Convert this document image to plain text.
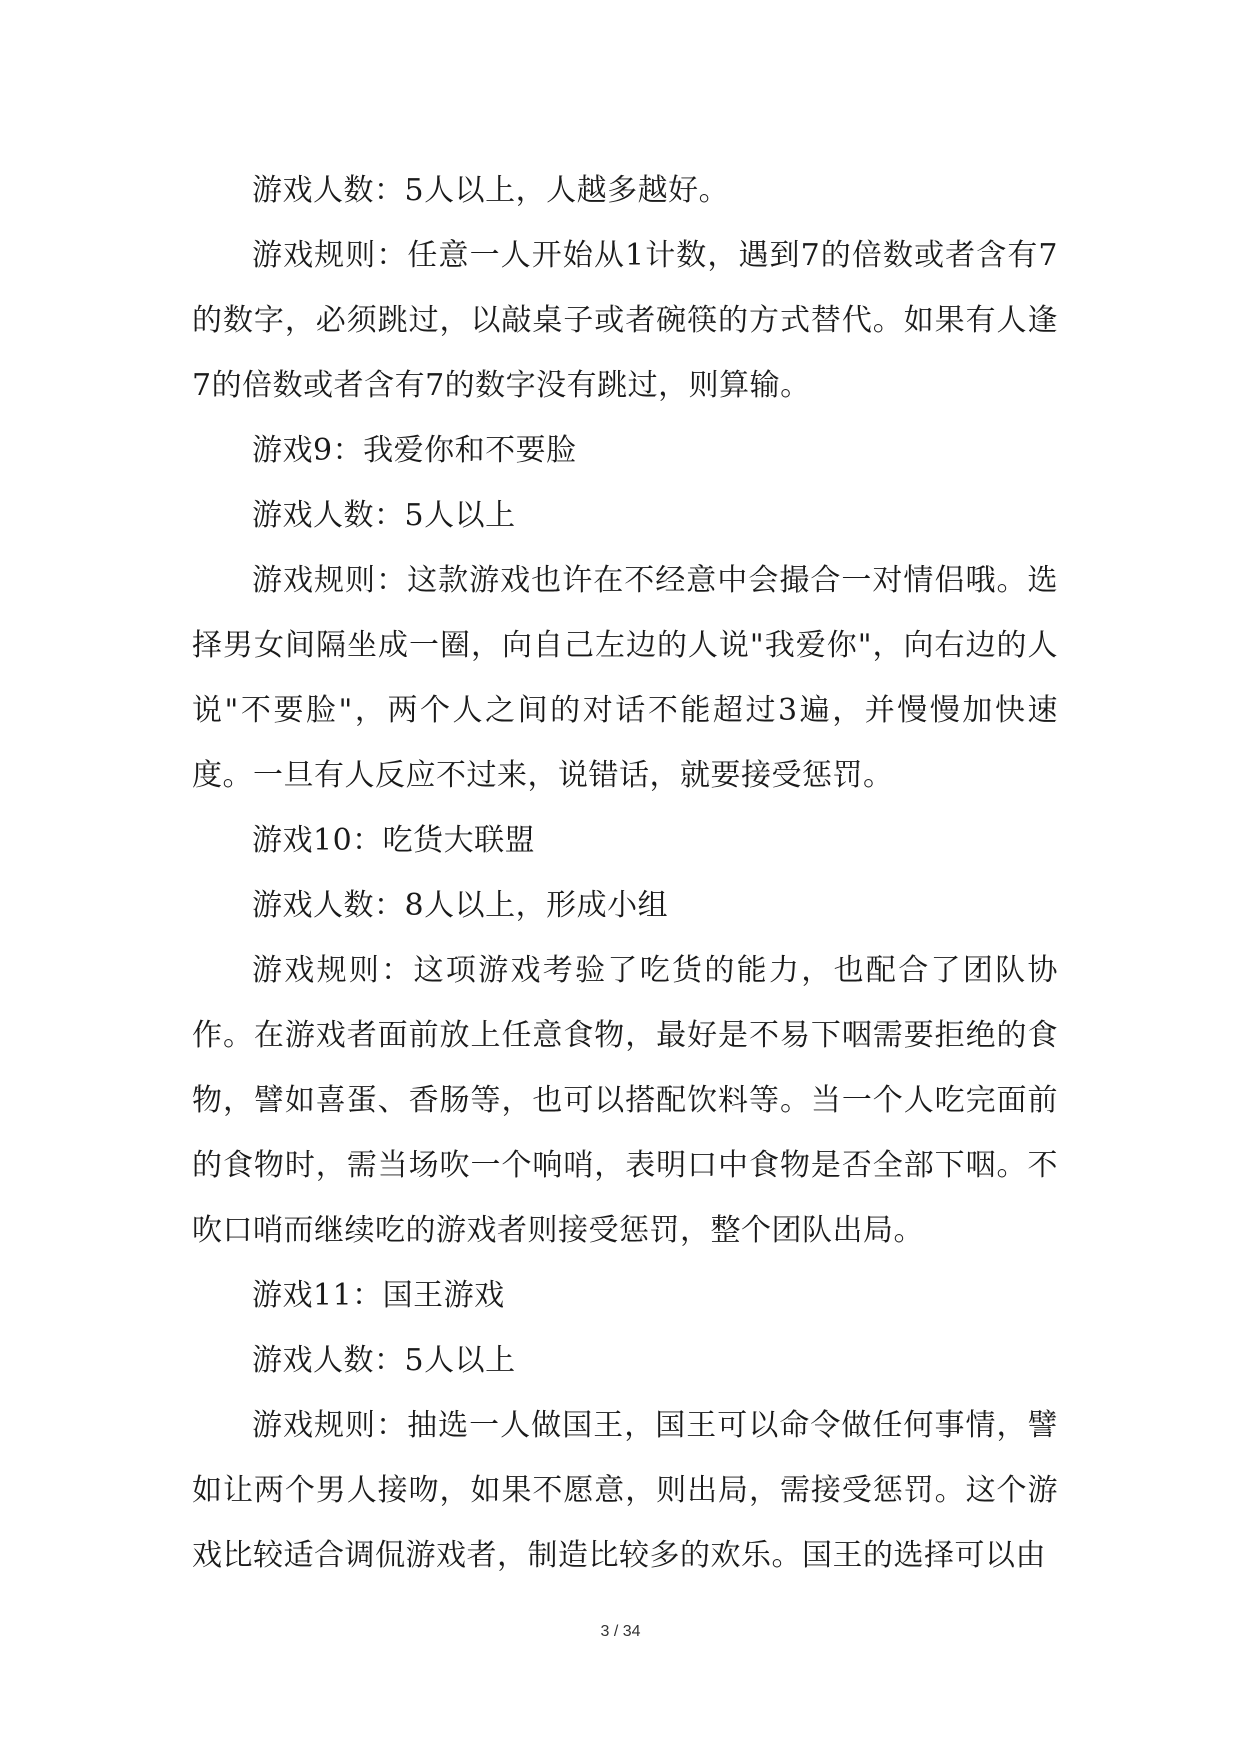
游戏人数：5人以上，人越多越好。

游戏规则：任意一人开始从1计数，遇到7的倍数或者含有7的数字，必须跳过，以敲桌子或者碗筷的方式替代。如果有人逢7的倍数或者含有7的数字没有跳过，则算输。

游戏9：我爱你和不要脸

游戏人数：5人以上

游戏规则：这款游戏也许在不经意中会撮合一对情侣哦。选择男女间隔坐成一圈，向自己左边的人说"我爱你"，向右边的人说"不要脸"，两个人之间的对话不能超过3遍，并慢慢加快速度。一旦有人反应不过来，说错话，就要接受惩罚。

游戏10：吃货大联盟

游戏人数：8人以上，形成小组

游戏规则：这项游戏考验了吃货的能力，也配合了团队协作。在游戏者面前放上任意食物，最好是不易下咽需要拒绝的食物，譬如喜蛋、香肠等，也可以搭配饮料等。当一个人吃完面前的食物时，需当场吹一个响哨，表明口中食物是否全部下咽。不吹口哨而继续吃的游戏者则接受惩罚，整个团队出局。

游戏11：国王游戏

游戏人数：5人以上

游戏规则：抽选一人做国王，国王可以命令做任何事情，譬如让两个男人接吻，如果不愿意，则出局，需接受惩罚。这个游戏比较适合调侃游戏者，制造比较多的欢乐。国王的选择可以由

3 / 34
